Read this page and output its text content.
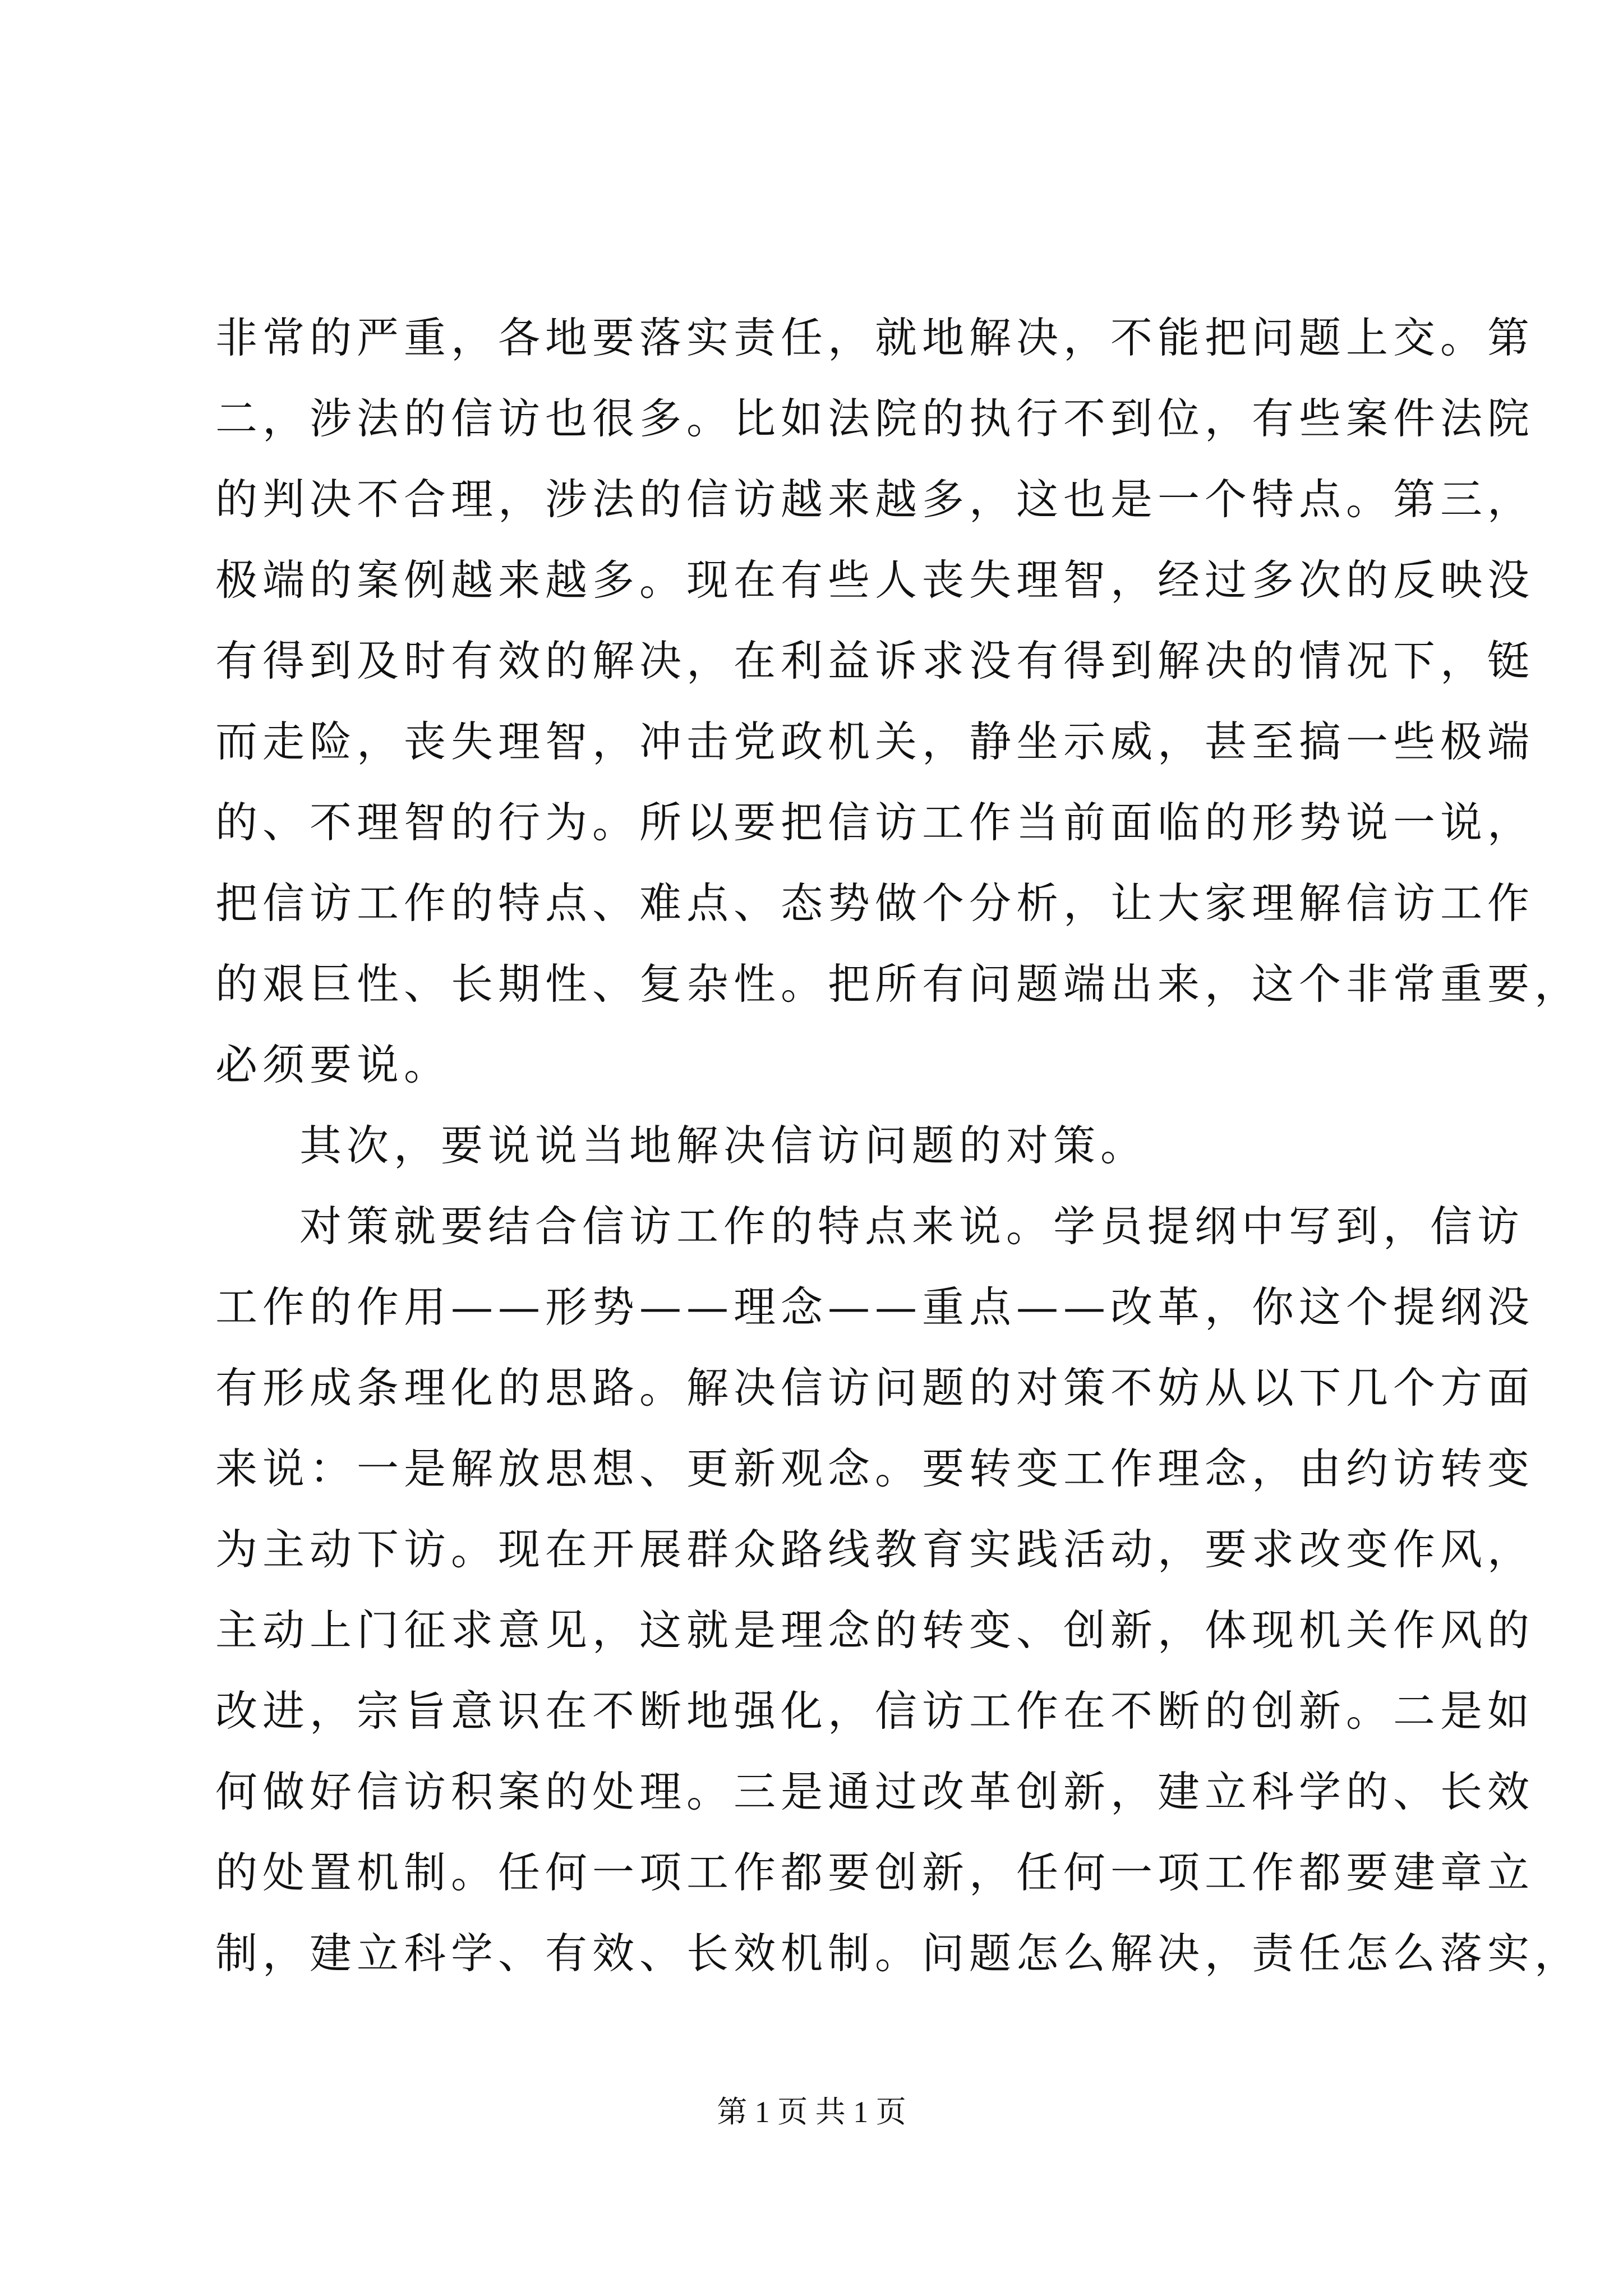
非常的严重，各地要落实责任，就地解决，不能把问题上交。第
二，涉法的信访也很多。比如法院的执行不到位，有些案件法院
的判决不合理，涉法的信访越来越多，这也是一个特点。第三，
极端的案例越来越多。现在有些人丧失理智，经过多次的反映没
有得到及时有效的解决，在利益诉求没有得到解决的情况下，铤
而走险，丧失理智，冲击党政机关，静坐示威，甚至搞一些极端
的、不理智的行为。所以要把信访工作当前面临的形势说一说，
把信访工作的特点、难点、态势做个分析，让大家理解信访工作
的艰巨性、长期性、复杂性。把所有问题端出来，这个非常重要，
必须要说。
其次，要说说当地解决信访问题的对策。
对策就要结合信访工作的特点来说。学员提纲中写到，信访
工作的作用——形势——理念——重点——改革，你这个提纲没
有形成条理化的思路。解决信访问题的对策不妨从以下几个方面
来说：一是解放思想、更新观念。要转变工作理念，由约访转变
为主动下访。现在开展群众路线教育实践活动，要求改变作风，
主动上门征求意见，这就是理念的转变、创新，体现机关作风的
改进，宗旨意识在不断地强化，信访工作在不断的创新。二是如
何做好信访积案的处理。三是通过改革创新，建立科学的、长效
的处置机制。任何一项工作都要创新，任何一项工作都要建章立
制，建立科学、有效、长效机制。问题怎么解决，责任怎么落实，
第 1 页 共 1 页
